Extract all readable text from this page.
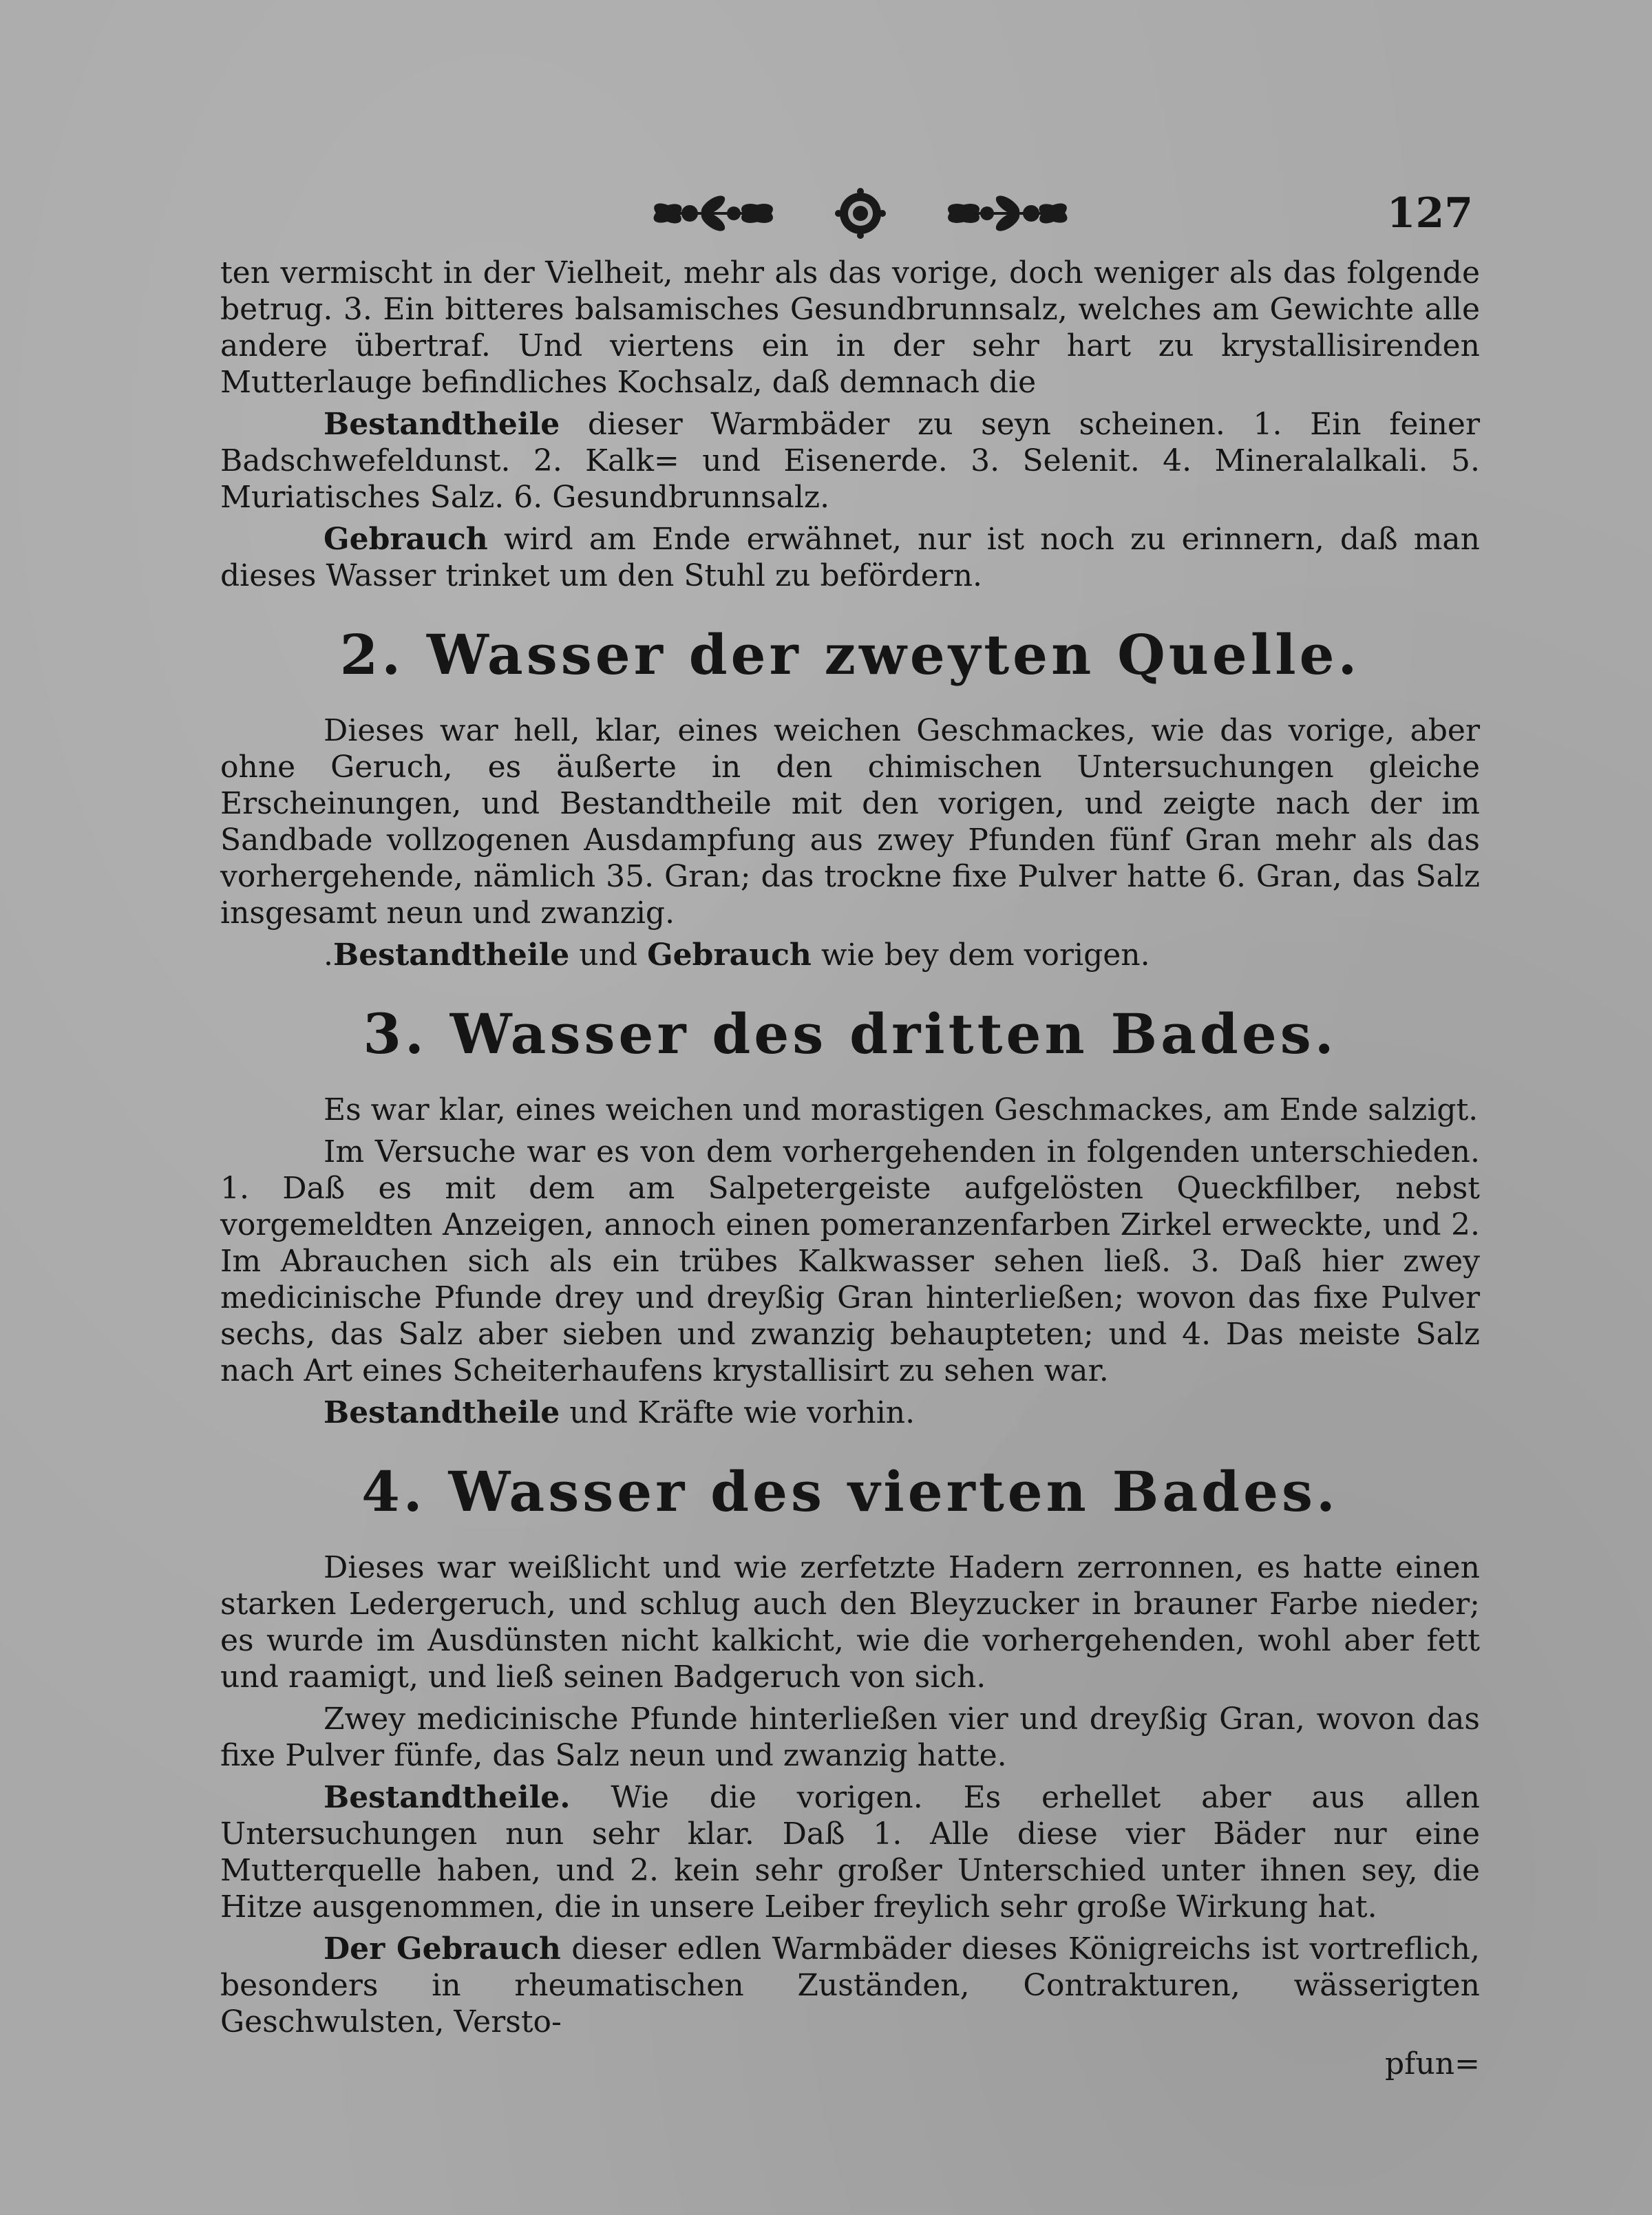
127

ten vermischt in der Vielheit, mehr als das vorige, doch weniger als das folgende betrug. 3. Ein bitteres balsamisches Gesundbrunnsalz, welches am Gewichte alle andere übertraf. Und viertens ein in der sehr hart zu krystallisirenden Mutterlauge befindliches Kochsalz, daß demnach die

Bestandtheile dieser Warmbäder zu seyn scheinen. 1. Ein feiner Badschwefeldunst. 2. Kalk= und Eisenerde. 3. Selenit. 4. Mineralalkali. 5. Muriatisches Salz. 6. Gesundbrunnsalz.

Gebrauch wird am Ende erwähnet, nur ist noch zu erinnern, daß man dieses Wasser trinket um den Stuhl zu befördern.

2. Wasser der zweyten Quelle.

Dieses war hell, klar, eines weichen Geschmackes, wie das vorige, aber ohne Geruch, es äußerte in den chimischen Untersuchungen gleiche Erscheinungen, und Bestandtheile mit den vorigen, und zeigte nach der im Sandbade vollzogenen Ausdampfung aus zwey Pfunden fünf Gran mehr als das vorhergehende, nämlich 35. Gran; das trockne fixe Pulver hatte 6. Gran, das Salz insgesamt neun und zwanzig.

.Bestandtheile und Gebrauch wie bey dem vorigen.

3. Wasser des dritten Bades.

Es war klar, eines weichen und morastigen Geschmackes, am Ende salzigt.

Im Versuche war es von dem vorhergehenden in folgenden unterschieden. 1. Daß es mit dem am Salpetergeiste aufgelösten Queckfilber, nebst vorgemeldten Anzeigen, annoch einen pomeranzenfarben Zirkel erweckte, und 2. Im Abrauchen sich als ein trübes Kalkwasser sehen ließ. 3. Daß hier zwey medicinische Pfunde drey und dreyßig Gran hinterließen; wovon das fixe Pulver sechs, das Salz aber sieben und zwanzig behaupteten; und 4. Das meiste Salz nach Art eines Scheiterhaufens krystallisirt zu sehen war.

Bestandtheile und Kräfte wie vorhin.

4. Wasser des vierten Bades.

Dieses war weißlicht und wie zerfetzte Hadern zerronnen, es hatte einen starken Ledergeruch, und schlug auch den Bleyzucker in brauner Farbe nieder; es wurde im Ausdünsten nicht kalkicht, wie die vorhergehenden, wohl aber fett und raamigt, und ließ seinen Badgeruch von sich.

Zwey medicinische Pfunde hinterließen vier und dreyßig Gran, wovon das fixe Pulver fünfe, das Salz neun und zwanzig hatte.

Bestandtheile. Wie die vorigen. Es erhellet aber aus allen Untersuchungen nun sehr klar. Daß 1. Alle diese vier Bäder nur eine Mutterquelle haben, und 2. kein sehr großer Unterschied unter ihnen sey, die Hitze ausgenommen, die in unsere Leiber freylich sehr große Wirkung hat.

Der Gebrauch dieser edlen Warmbäder dieses Königreichs ist vortreflich, besonders in rheumatischen Zuständen, Contrakturen, wässerigten Geschwulsten, Versto-

pfun=
